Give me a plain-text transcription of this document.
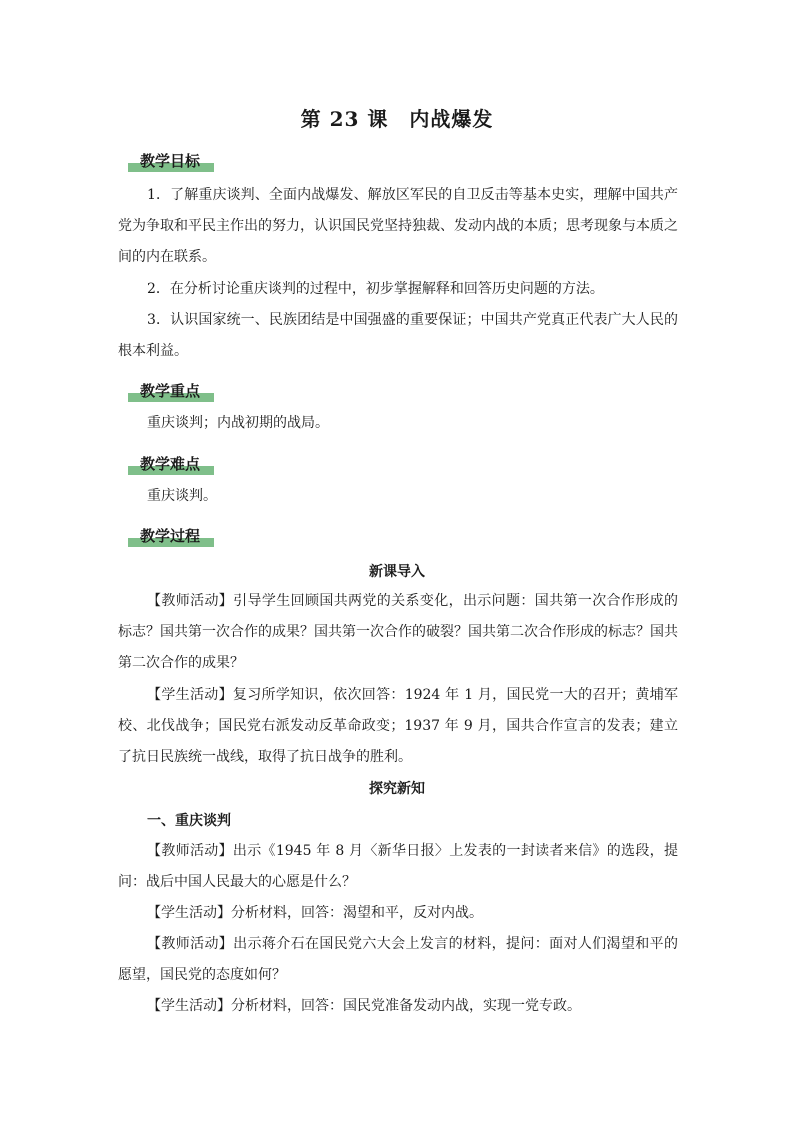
第 23 课　内战爆发
教学目标

1．了解重庆谈判、全面内战爆发、解放区军民的自卫反击等基本史实，理解中国共产党为争取和平民主作出的努力，认识国民党坚持独裁、发动内战的本质；思考现象与本质之间的内在联系。

2．在分析讨论重庆谈判的过程中，初步掌握解释和回答历史问题的方法。

3．认识国家统一、民族团结是中国强盛的重要保证；中国共产党真正代表广大人民的根本利益。

教学重点

重庆谈判；内战初期的战局。

教学难点

重庆谈判。

教学过程
新课导入

【教师活动】引导学生回顾国共两党的关系变化，出示问题：国共第一次合作形成的标志？国共第一次合作的成果？国共第一次合作的破裂？国共第二次合作形成的标志？国共第二次合作的成果？

【学生活动】复习所学知识，依次回答：1924 年 1 月，国民党一大的召开；黄埔军校、北伐战争；国民党右派发动反革命政变；1937 年 9 月，国共合作宣言的发表；建立了抗日民族统一战线，取得了抗日战争的胜利。

探究新知
一、重庆谈判

【教师活动】出示《1945 年 8 月〈新华日报〉上发表的一封读者来信》的选段，提问：战后中国人民最大的心愿是什么？

【学生活动】分析材料，回答：渴望和平，反对内战。

【教师活动】出示蒋介石在国民党六大会上发言的材料，提问：面对人们渴望和平的愿望，国民党的态度如何？

【学生活动】分析材料，回答：国民党准备发动内战，实现一党专政。
